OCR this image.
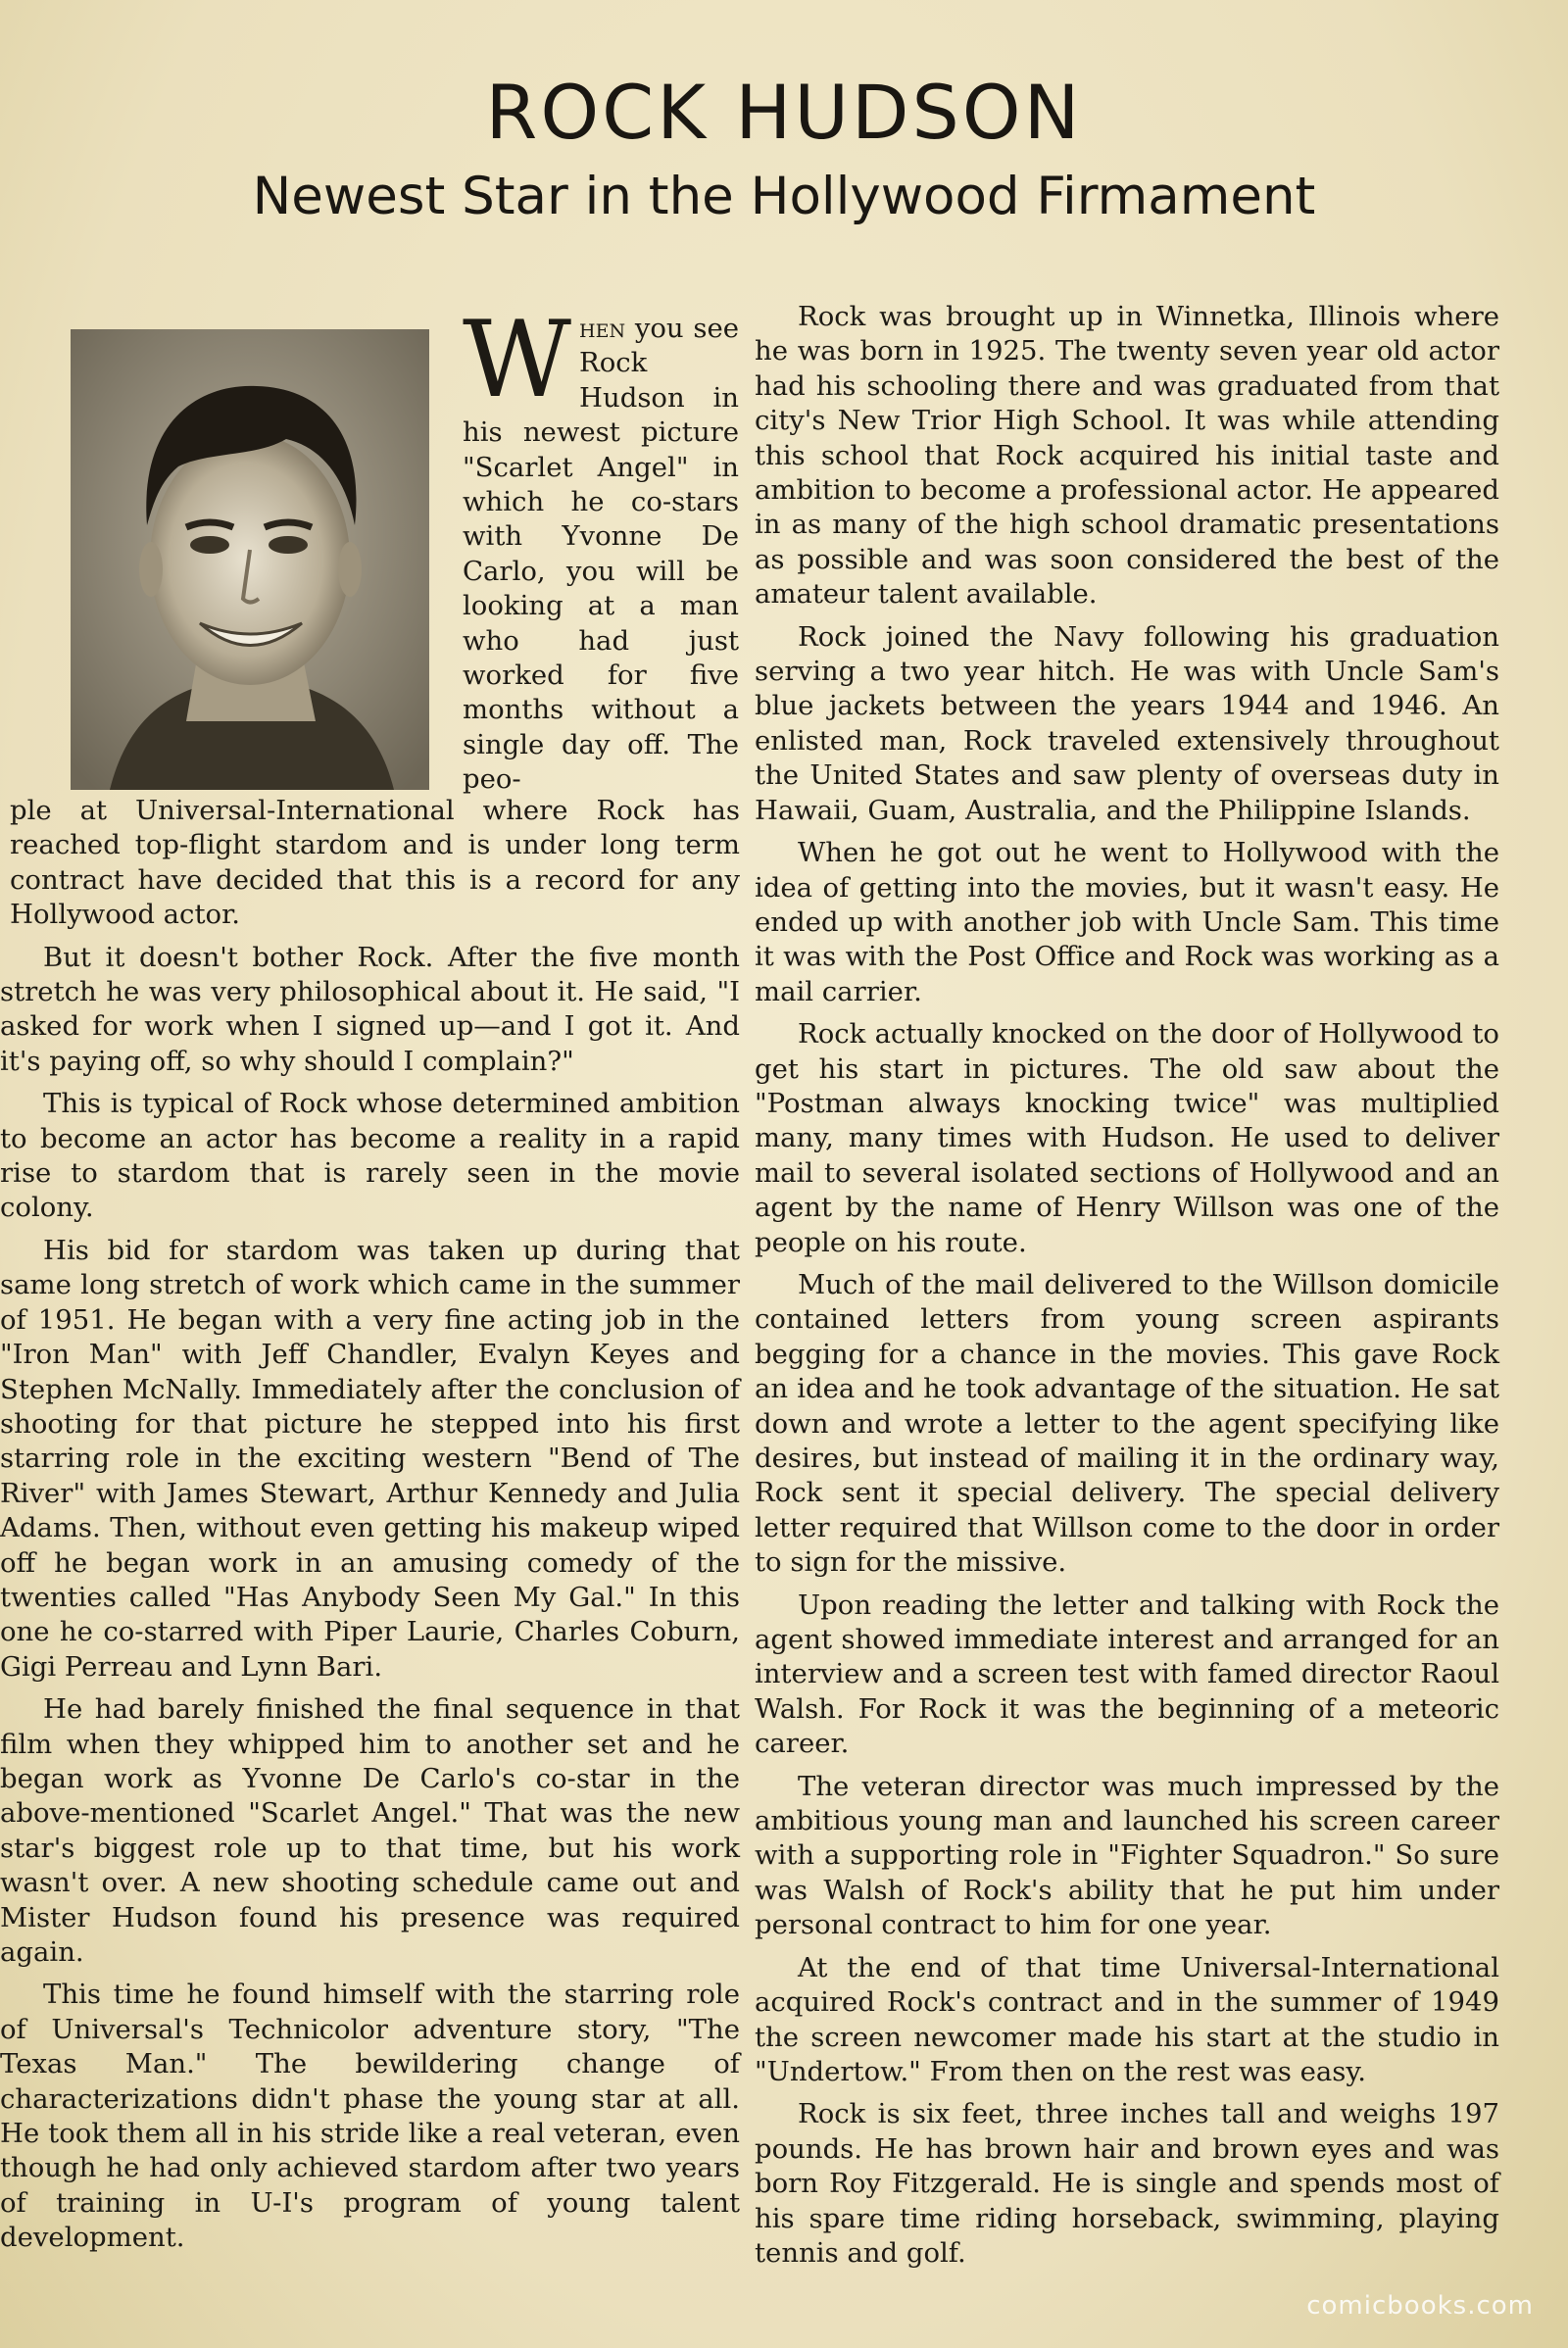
ROCK HUDSON
Newest Star in the Hollywood Firmament

When you see Rock Hudson in his newest picture "Scarlet Angel" in which he co-stars with Yvonne De Carlo, you will be looking at a man who had just worked for five months without a single day off. The peo-

ple at Universal-International where Rock has reached top-flight stardom and is under long term contract have decided that this is a record for any Hollywood actor.

But it doesn't bother Rock. After the five month stretch he was very philosophical about it. He said, "I asked for work when I signed up—and I got it. And it's paying off, so why should I complain?"

This is typical of Rock whose determined ambition to become an actor has become a reality in a rapid rise to stardom that is rarely seen in the movie colony.

His bid for stardom was taken up during that same long stretch of work which came in the summer of 1951. He began with a very fine acting job in the "Iron Man" with Jeff Chandler, Evalyn Keyes and Stephen McNally. Immediately after the conclusion of shooting for that picture he stepped into his first starring role in the exciting western "Bend of The River" with James Stewart, Arthur Kennedy and Julia Adams. Then, without even getting his makeup wiped off he began work in an amusing comedy of the twenties called "Has Anybody Seen My Gal." In this one he co-starred with Piper Laurie, Charles Coburn, Gigi Perreau and Lynn Bari.

He had barely finished the final sequence in that film when they whipped him to another set and he began work as Yvonne De Carlo's co-star in the above-mentioned "Scarlet Angel." That was the new star's biggest role up to that time, but his work wasn't over. A new shooting schedule came out and Mister Hudson found his presence was required again.

This time he found himself with the starring role of Universal's Technicolor adventure story, "The Texas Man." The bewildering change of characterizations didn't phase the young star at all. He took them all in his stride like a real veteran, even though he had only achieved stardom after two years of training in U-I's program of young talent development.

Rock was brought up in Winnetka, Illinois where he was born in 1925. The twenty seven year old actor had his schooling there and was graduated from that city's New Trior High School. It was while attending this school that Rock acquired his initial taste and ambition to become a professional actor. He appeared in as many of the high school dramatic presentations as possible and was soon considered the best of the amateur talent available.

Rock joined the Navy following his graduation serving a two year hitch. He was with Uncle Sam's blue jackets between the years 1944 and 1946. An enlisted man, Rock traveled extensively throughout the United States and saw plenty of overseas duty in Hawaii, Guam, Australia, and the Philippine Islands.

When he got out he went to Hollywood with the idea of getting into the movies, but it wasn't easy. He ended up with another job with Uncle Sam. This time it was with the Post Office and Rock was working as a mail carrier.

Rock actually knocked on the door of Hollywood to get his start in pictures. The old saw about the "Postman always knocking twice" was multiplied many, many times with Hudson. He used to deliver mail to several isolated sections of Hollywood and an agent by the name of Henry Willson was one of the people on his route.

Much of the mail delivered to the Willson domicile contained letters from young screen aspirants begging for a chance in the movies. This gave Rock an idea and he took advantage of the situation. He sat down and wrote a letter to the agent specifying like desires, but instead of mailing it in the ordinary way, Rock sent it special delivery. The special delivery letter required that Willson come to the door in order to sign for the missive.

Upon reading the letter and talking with Rock the agent showed immediate interest and arranged for an interview and a screen test with famed director Raoul Walsh. For Rock it was the beginning of a meteoric career.

The veteran director was much impressed by the ambitious young man and launched his screen career with a supporting role in "Fighter Squadron." So sure was Walsh of Rock's ability that he put him under personal contract to him for one year.

At the end of that time Universal-International acquired Rock's contract and in the summer of 1949 the screen newcomer made his start at the studio in "Undertow." From then on the rest was easy.

Rock is six feet, three inches tall and weighs 197 pounds. He has brown hair and brown eyes and was born Roy Fitzgerald. He is single and spends most of his spare time riding horseback, swimming, playing tennis and golf.

comicbooks.com
